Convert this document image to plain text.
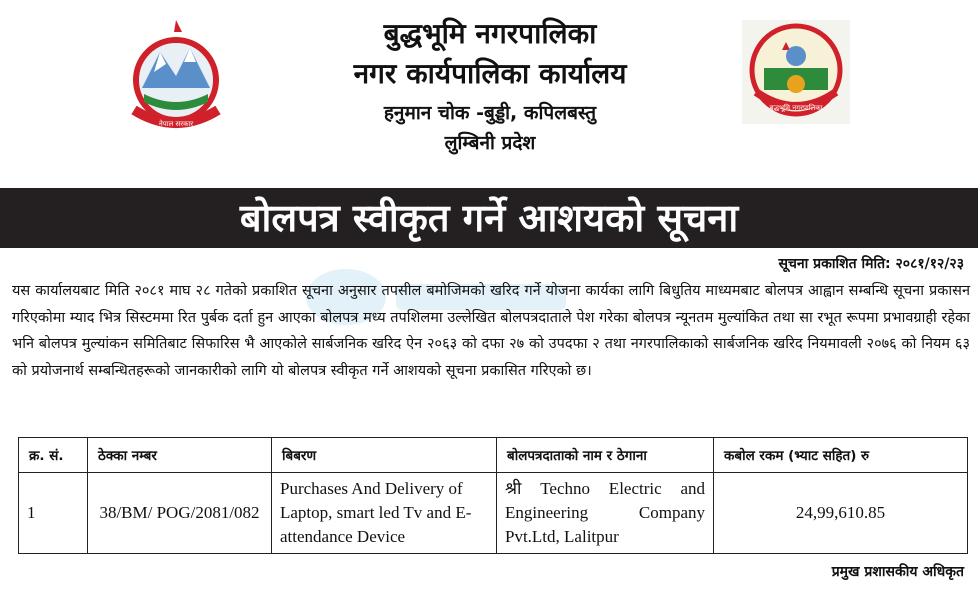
नेपाल सरकार
बुद्धभूमि नगरपालिका
नगर कार्यपालिका कार्यालय
हनुमान चोक -बुड्डी, कपिलबस्तु
लुम्बिनी प्रदेश
बुद्धभूमि नगरपालिका
बोलपत्र स्वीकृत गर्ने आशयको सूचना
सूचना प्रकाशित मिति: २०८१/१२/२३
यस कार्यालयबाट मिति २०८१ माघ २८ गतेको प्रकाशित सूचना अनुसार तपसील बमोजिमको खरिद गर्ने योजना कार्यका लागि बिधुतिय माध्यमबाट बोलपत्र आह्वान सम्बन्धि सूचना प्रकासन गरिएकोमा म्याद भित्र सिस्टममा रित पुर्बक दर्ता हुन आएका बोलपत्र मध्य तपशिलमा उल्लेखित बोलपत्रदाताले पेश गरेका बोलपत्र न्यूनतम मुल्यांकित तथा सा रभूत रूपमा प्रभावग्राही रहेका भनि बोलपत्र मुल्यांकन समितिबाट सिफारिस भै आएकोले सार्बजनिक खरिद ऐन २०६३ को दफा २७ को उपदफा २ तथा नगरपालिकाको सार्बजनिक खरिद नियमावली २०७६ को नियम ६३ को प्रयोजनार्थ सम्बन्धितहरूको जानकारीको लागि यो बोलपत्र स्वीकृत गर्ने आशयको सूचना प्रकासित गरिएको छ।
क्र. सं.	ठेक्का नम्बर	बिबरण	बोलपत्रदाताको नाम र ठेगाना	कबोल रकम (भ्याट सहित) रु
1	38/BM/ POG/2081/082	Purchases And Delivery of Laptop, smart led Tv and E-attendance Device	श्री Techno Electric and Engineering Company Pvt.Ltd, Lalitpur	24,99,610.85
प्रमुख प्रशासकीय अधिकृत
